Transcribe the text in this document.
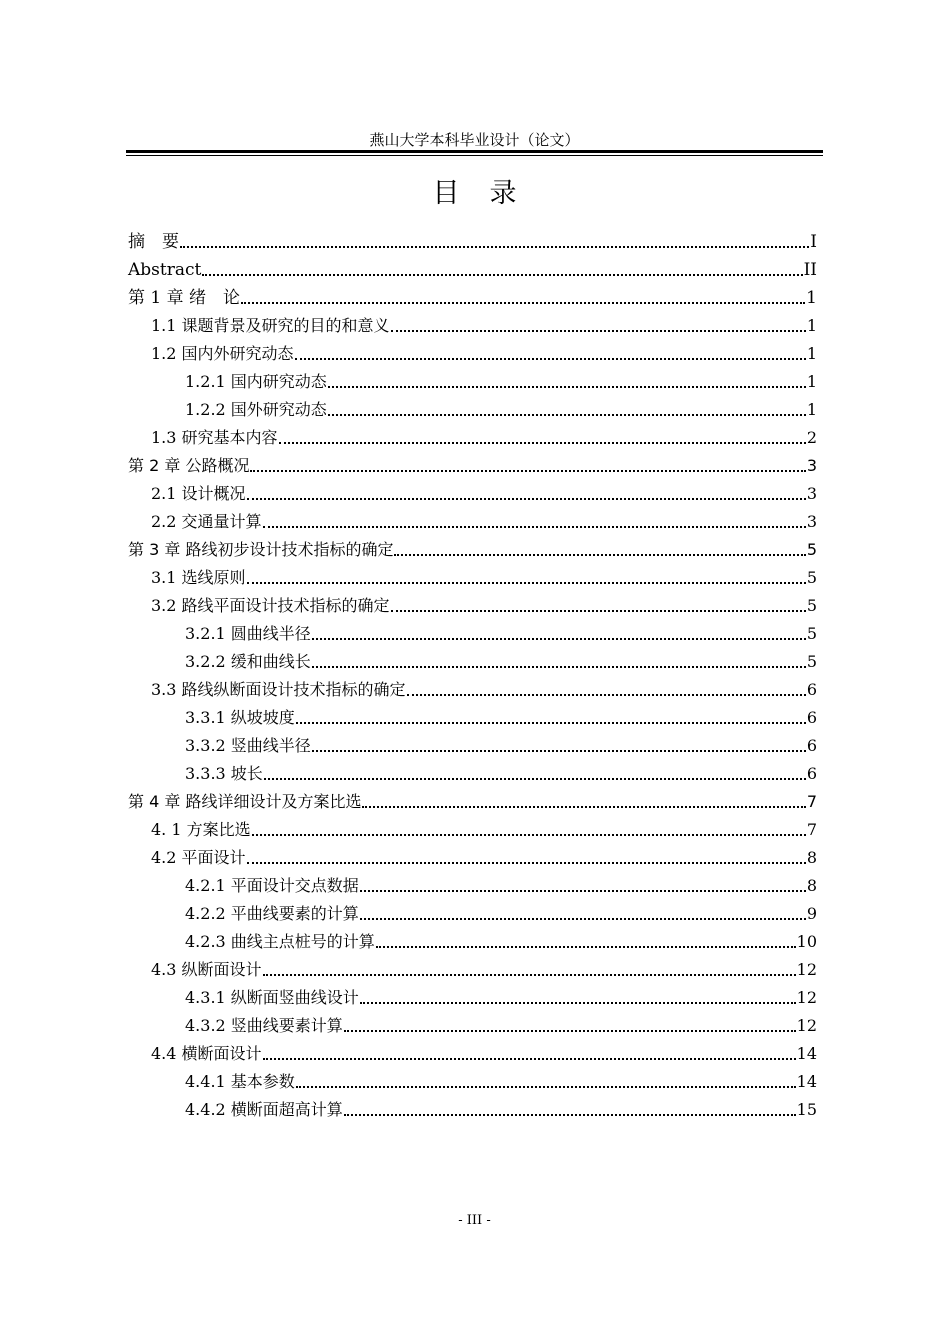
燕山大学本科毕业设计（论文）
目录
摘　要	I
Abstract	II
第 1 章 绪　论	1
1.1 课题背景及研究的目的和意义	1
1.2 国内外研究动态	1
1.2.1 国内研究动态	1
1.2.2 国外研究动态	1
1.3 研究基本内容	2
第 2 章 公路概况	3
2.1 设计概况	3
2.2 交通量计算	3
第 3 章 路线初步设计技术指标的确定	5
3.1 选线原则	5
3.2 路线平面设计技术指标的确定	5
3.2.1 圆曲线半径	5
3.2.2 缓和曲线长	5
3.3 路线纵断面设计技术指标的确定	6
3.3.1 纵坡坡度	6
3.3.2 竖曲线半径	6
3.3.3 坡长	6
第 4 章 路线详细设计及方案比选	7
4. 1 方案比选	7
4.2 平面设计	8
4.2.1 平面设计交点数据	8
4.2.2 平曲线要素的计算	9
4.2.3 曲线主点桩号的计算	10
4.3 纵断面设计	12
4.3.1 纵断面竖曲线设计	12
4.3.2 竖曲线要素计算	12
4.4 横断面设计	14
4.4.1 基本参数	14
4.4.2 横断面超高计算	15
- III -
